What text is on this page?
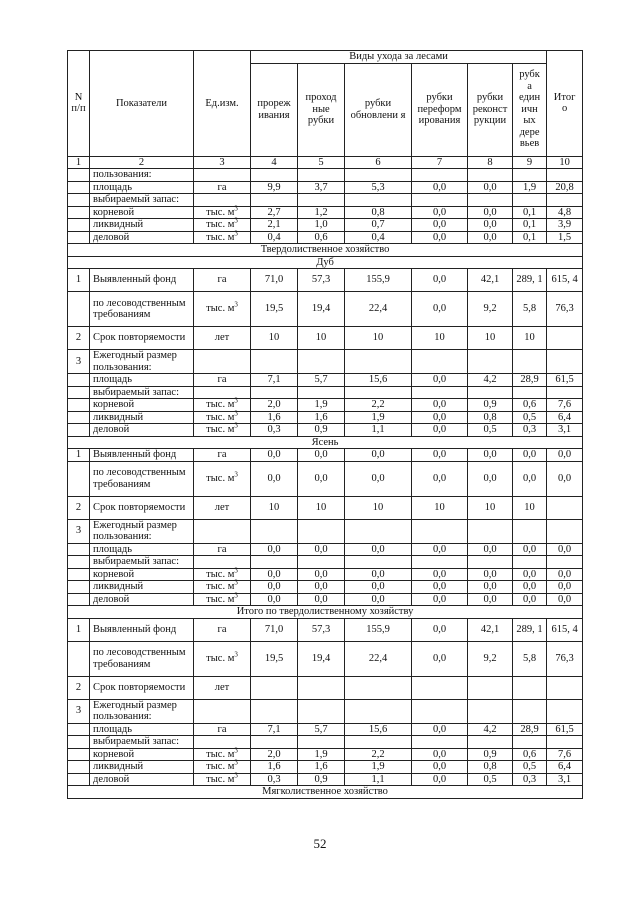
N п/п	Показатели	Ед.изм.	Виды ухода за лесами						Итог о
			прореж ивания	проход ные рубки	рубки обновлени я	рубки переформ ирования	рубки реконст рукции	рубк а един ичн ых дере вьев	
1	2	3	4	5	6	7	8	9	10
	пользования:								
	площадь	га	9,9	3,7	5,3	0,0	0,0	1,9	20,8
	выбираемый запас:								
	корневой	тыс. $м^3$	2,7	1,2	0,8	0,0	0,0	0,1	4,8
	ликвидный	тыс. $м^3$	2,1	1,0	0,7	0,0	0,0	0,1	3,9
	деловой	тыс. $м^3$	0,4	0,6	0,4	0,0	0,0	0,1	1,5
Твердолиственное хозяйство									
Дуб									
1	Выявленный фонд	га	71,0	57,3	155,9	0,0	42,1	289, 1	615, 4
	по лесоводственным требованиям	тыс. $м^3$	19,5	19,4	22,4	0,0	9,2	5,8	76,3
2	Срок повторяемости	лет	10	10	10	10	10	10	
3	Ежегодный размер пользования:								
	площадь	га	7,1	5,7	15,6	0,0	4,2	28,9	61,5
	выбираемый запас:								
	корневой	тыс. $м^3$	2,0	1,9	2,2	0,0	0,9	0,6	7,6
	ликвидный	тыс. $м^3$	1,6	1,6	1,9	0,0	0,8	0,5	6,4
	деловой	тыс. $м^3$	0,3	0,9	1,1	0,0	0,5	0,3	3,1
Ясень									
1	Выявленный фонд	га	0,0	0,0	0,0	0,0	0,0	0,0	0,0
	по лесоводственным требованиям	тыс. $м^3$	0,0	0,0	0,0	0,0	0,0	0,0	0,0
2	Срок повторяемости	лет	10	10	10	10	10	10	
3	Ежегодный размер пользования:								
	площадь	га	0,0	0,0	0,0	0,0	0,0	0,0	0,0
	выбираемый запас:								
	корневой	тыс. $м^3$	0,0	0,0	0,0	0,0	0,0	0,0	0,0
	ликвидный	тыс. $м^3$	0,0	0,0	0,0	0,0	0,0	0,0	0,0
	деловой	тыс. $м^3$	0,0	0,0	0,0	0,0	0,0	0,0	0,0
Итого по твердолиственному хозяйству									
1	Выявленный фонд	га	71,0	57,3	155,9	0,0	42,1	289, 1	615, 4
	по лесоводственным требованиям	тыс. $м^3$	19,5	19,4	22,4	0,0	9,2	5,8	76,3
2	Срок повторяемости	лет							
3	Ежегодный размер пользования:								
	площадь	га	7,1	5,7	15,6	0,0	4,2	28,9	61,5
	выбираемый запас:								
	корневой	тыс. $м^3$	2,0	1,9	2,2	0,0	0,9	0,6	7,6
	ликвидный	тыс. $м^3$	1,6	1,6	1,9	0,0	0,8	0,5	6,4
	деловой	тыс. $м^3$	0,3	0,9	1,1	0,0	0,5	0,3	3,1
Мягколиственное хозяйство									
52
